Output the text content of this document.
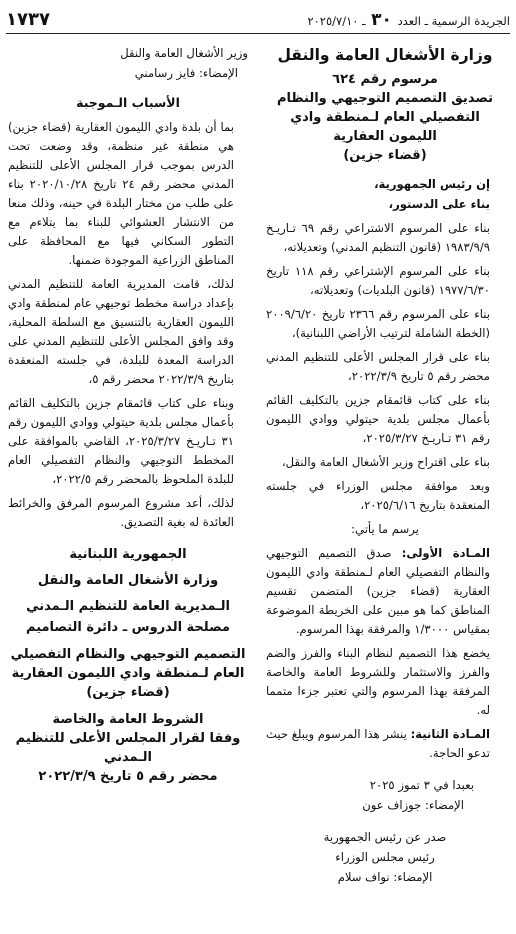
الجريدة الرسمية ـ العدد ٣٠ ـ ٢٠٢٥/٧/١٠
١٧٣٧
وزارة الأشغال العامة والنقل
مرسوم رقم ٦٢٤
تصديق التصميم التوجيهي والنظام التفصيلي العام لـمنطقة وادي الليمون العقارية
(قضاء جزين)

إن رئيس الجمهورية،

بناء على الدستور،

بناء على المرسوم الاشتراعي رقم ٦٩ تـاريـخ ١٩٨٣/٩/٩ (قانون التنظيم المدني) وتعديلاته،

بناء على المرسوم الإشتراعي رقم ١١٨ تاريخ ١٩٧٧/٦/٣٠ (قانون البلديات) وتعديلاته،

بناء على المرسوم رقم ٢٣٦٦ تاريخ ٢٠٠٩/٦/٢٠ (الخطة الشاملة لترتيب الأراضي اللبنانية)،

بناء على قرار المجلس الأعلى للتنظيم المدني محضر رقم ٥ تاريخ ٢٠٢٢/٣/٩،

بناء على كتاب قائمقام جزين بالتكليف القائم بأعمال مجلس بلدية حيتولي ووادي الليمون رقم ٣١ تـاريـخ ٢٠٢٥/٣/٢٧،

بناء على اقتراح وزير الأشغال العامة والنقل،

وبعد موافقة مجلس الوزراء في جلسته المنعقدة بتاريخ ٢٠٢٥/٦/١٦،

يرسم ما يأتي:

المـادة الأولى: صدق التصميم التوجيهي والنظام التفصيلي العام لـمنطقة وادي الليمون العقارية (قضاء جزين) المتضمن تقسيم المناطق كما هو مبين على الخريطة الموضوعة بمقياس ١/٣٠٠٠ والمرفقة بهذا المرسوم.

يخضع هذا التصميم لنظام البناء والفرز والضم والفرز والاستثمار وللشروط العامة والخاصة المرفقة بهذا المرسوم والتي تعتبر جزءا متمما له.

المـادة الثانية: ينشر هذا المرسوم ويبلغ حيث تدعو الحاجة.

بعبدا في ٣ تموز ٢٠٢٥

الإمضاء: جوزاف عون

صدر عن رئيس الجمهورية

رئيس مجلس الوزراء

الإمضاء: نواف سلام

وزير الأشغال العامة والنقل

الإمضاء: فايز رسامني

الأسباب الـموجبة

بما أن بلدة وادي الليمون العقارية (قضاء جزين) هي منطقة غير منظمة، وقد وضعت تحت الدرس بموجب قرار المجلس الأعلى للتنظيم المدني محضر رقم ٢٤ تاريخ ٢٠٢٠/١٠/٢٨ بناء على طلب من مختار البلدة في حينه، وذلك منعا من الانتشار العشوائي للبناء بما يتلاءم مع التطور السكاني فيها مع المحافظة على المناطق الزراعية الموجودة ضمنها.

لذلك، قامت المديرية العامة للتنظيم المدني بإعداد دراسة مخطط توجيهي عام لمنطقة وادي الليمون العقارية بالتنسيق مع السلطة المحلية، وقد وافق المجلس الأعلى للتنظيم المدني على الدراسة المعدة للبلدة، في جلسته المنعقدة بتاريخ ٢٠٢٢/٣/٩ محضر رقم ٥،

وبناء على كتاب قائمقام جزين بالتكليف القائم بأعمال مجلس بلدية حيتولي ووادي الليمون رقم ٣١ تـاريـخ ٢٠٢٥/٣/٢٧، القاضي بالموافقة على المخطط التوجيهي والنظام التفصيلي العام للبلدة الملحوظ بالمحضر رقم ٢٠٢٢/٥،

لذلك، أعد مشروع المرسوم المرفق والخرائط العائدة له بغية التصديق.

الجمهورية اللبنانية
وزارة الأشغال العامة والنقل
الـمديرية العامة للتنظيم الـمدني
مصلحة الدروس ـ دائرة التصاميم
التصميم التوجيهي والنظام التفصيلي العام لـمنطقة وادي الليمون العقارية
(قضاء جزين)
الشروط العامة والخاصة
وفقا لقرار المجلس الأعلى للتنظيم الـمدني
محضر رقم ٥ تاريخ ٢٠٢٢/٣/٩
